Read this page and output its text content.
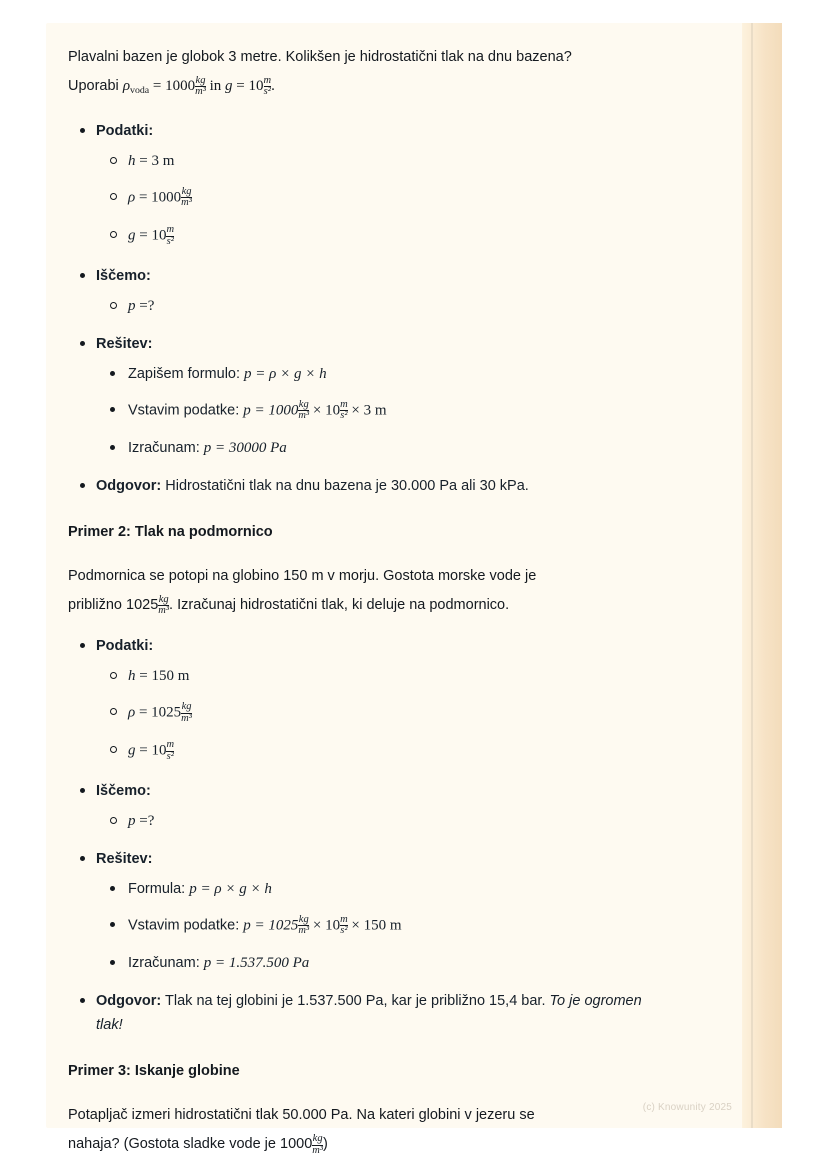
Plavalni bazen je globok 3 metre. Kolikšen je hidrostatični tlak na dnu bazena?
Uporabi $\rho_{voda} = 1000 \frac{kg}{\text{m³}}$ in $g = 10 \frac{m}{\text{s²}}$ .

Podatki:
h = 3 m
$\rho = 1000 \frac{kg}{\text{m³}}$
$g = 10 \frac{m}{\text{s²}}$
Iščemo:
p =?
Rešitev:
Zapišem formulo: p = ρ × g × h
Vstavim podatke: $p = 1000 \frac{kg}{\text{m³}} \times 10 \frac{m}{\text{s²}} \times 3$ m
Izračunam: p = 30000 Pa
Odgovor: Hidrostatični tlak na dnu bazena je 30.000 Pa ali 30 kPa.
Primer 2: Tlak na podmornico

Podmornica se potopi na globino 150 m v morju. Gostota morske vode je
približno $1025 \frac{kg}{\text{m³}}$ . Izračunaj hidrostatični tlak, ki deluje na podmornico.

Podatki:
h = 150 m
$\rho = 1025 \frac{kg}{\text{m³}}$
$g = 10 \frac{m}{\text{s²}}$
Iščemo:
p =?
Rešitev:
Formula: p = ρ × g × h
Vstavim podatke: $p = 1025 \frac{kg}{\text{m³}} \times 10 \frac{m}{\text{s²}} \times 150$ m
Izračunam: p = 1.537.500 Pa
Odgovor: Tlak na tej globini je 1.537.500 Pa, kar je približno 15,4 bar. To je ogromen tlak!
Primer 3: Iskanje globine

Potapljač izmeri hidrostatični tlak 50.000 Pa. Na kateri globini v jezeru se
nahaja? (Gostota sladke vode je $1000 \frac{kg}{\text{m³}}$ )

(c) Knowunity 2025
